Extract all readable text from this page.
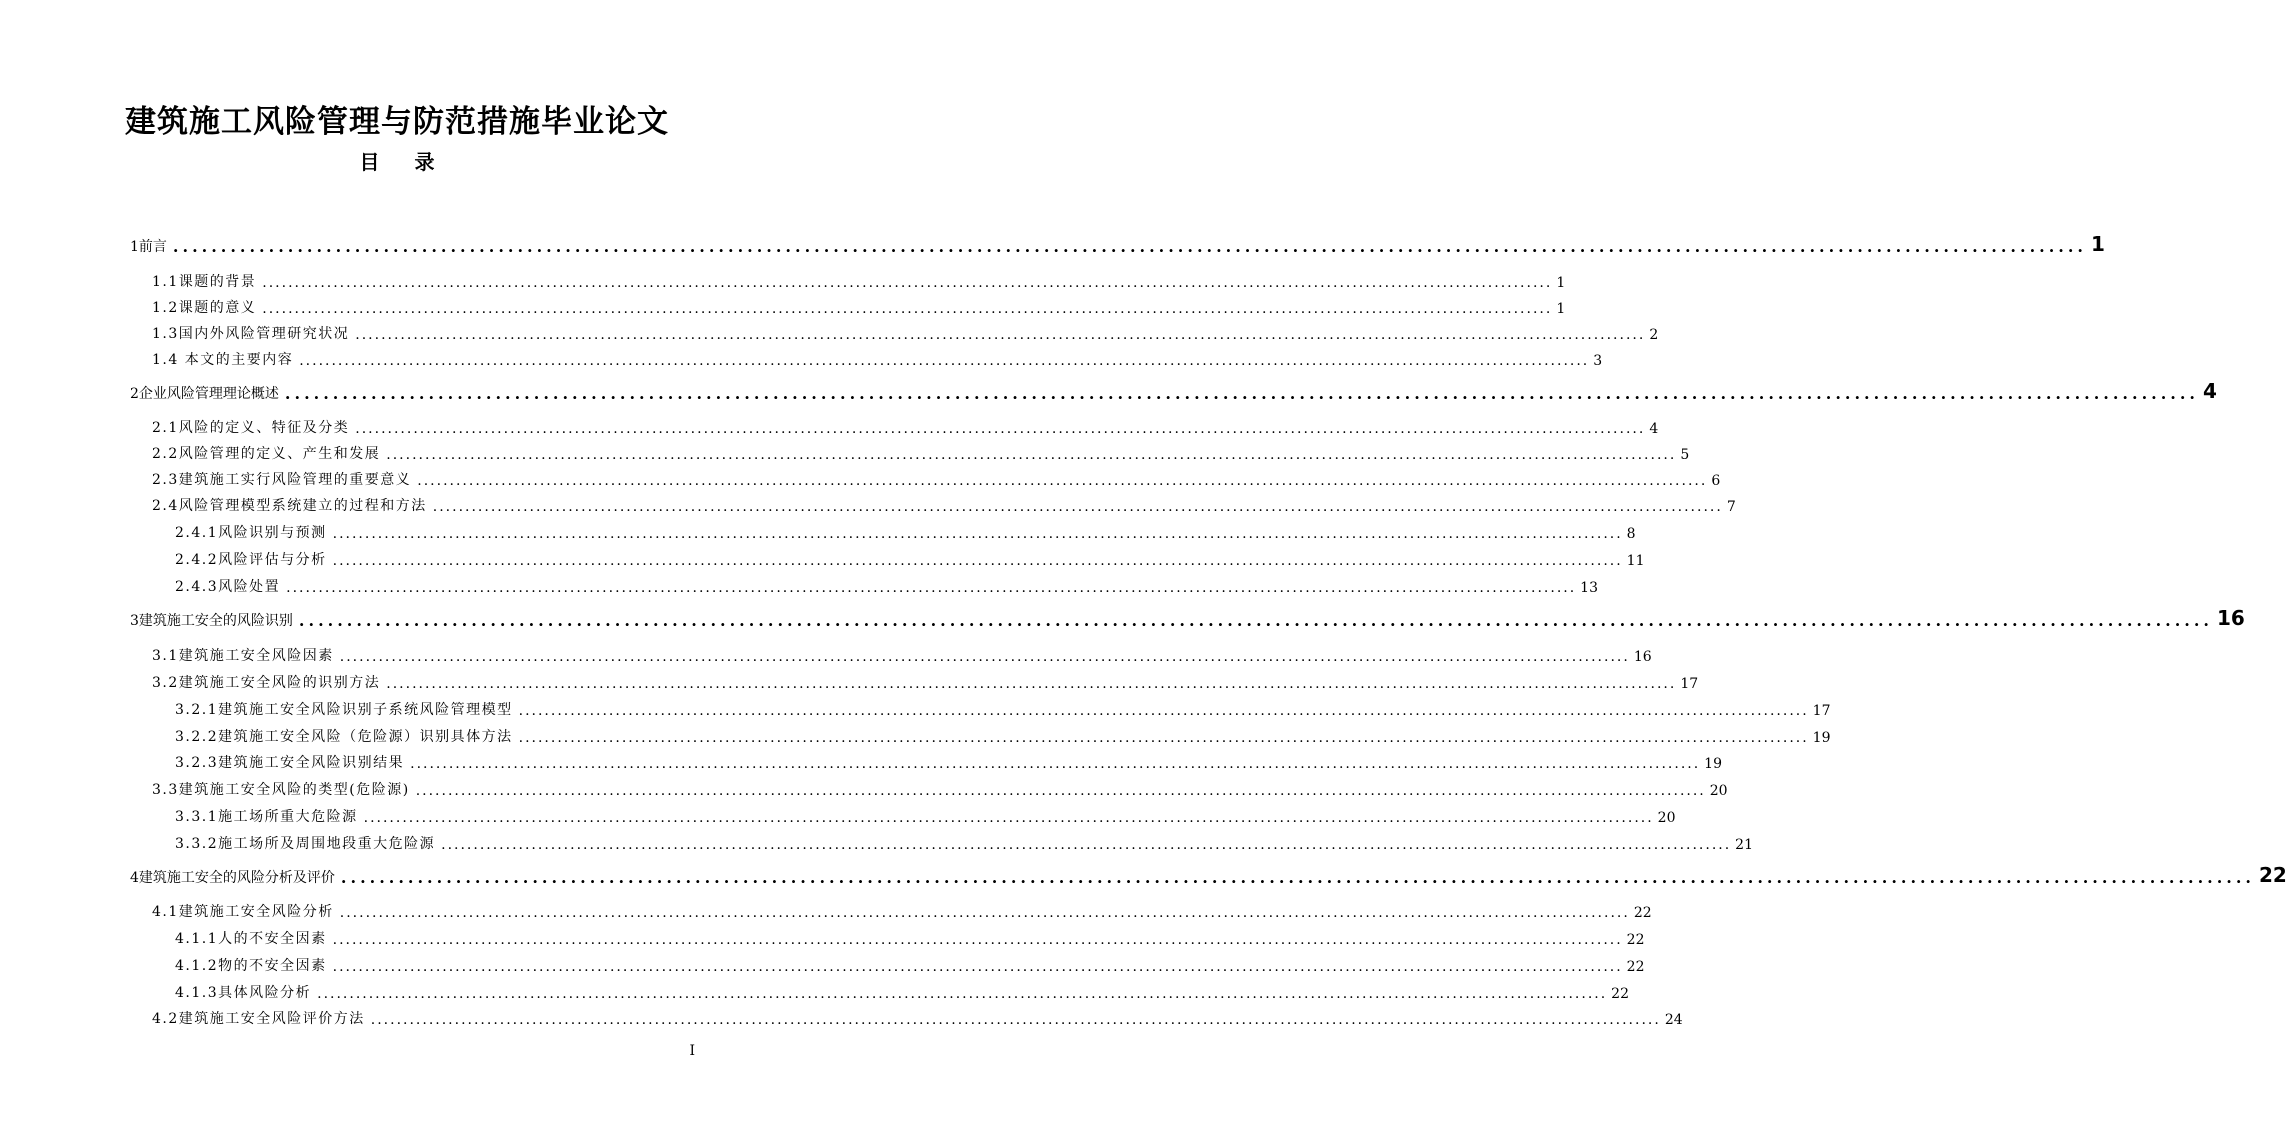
建筑施工风险管理与防范措施毕业论文
目 录
1前言 ........................................................................................................................................................................................................ 1
1.1课题的背景 ........................................................................................................................................................................................................ 1
1.2课题的意义 ........................................................................................................................................................................................................ 1
1.3国内外风险管理研究状况 ........................................................................................................................................................................................................ 2
1.4 本文的主要内容 ........................................................................................................................................................................................................ 3
2企业风险管理理论概述 ........................................................................................................................................................................................................ 4
2.1风险的定义、特征及分类 ........................................................................................................................................................................................................ 4
2.2风险管理的定义、产生和发展 ........................................................................................................................................................................................................ 5
2.3建筑施工实行风险管理的重要意义 ........................................................................................................................................................................................................ 6
2.4风险管理模型系统建立的过程和方法 ........................................................................................................................................................................................................ 7
2.4.1风险识别与预测 ........................................................................................................................................................................................................ 8
2.4.2风险评估与分析 ........................................................................................................................................................................................................ 11
2.4.3风险处置 ........................................................................................................................................................................................................ 13
3建筑施工安全的风险识别 ........................................................................................................................................................................................................ 16
3.1建筑施工安全风险因素 ........................................................................................................................................................................................................ 16
3.2建筑施工安全风险的识别方法 ........................................................................................................................................................................................................ 17
3.2.1建筑施工安全风险识别子系统风险管理模型 ........................................................................................................................................................................................................ 17
3.2.2建筑施工安全风险（危险源）识别具体方法 ........................................................................................................................................................................................................ 19
3.2.3建筑施工安全风险识别结果 ........................................................................................................................................................................................................ 19
3.3建筑施工安全风险的类型(危险源) ........................................................................................................................................................................................................ 20
3.3.1施工场所重大危险源 ........................................................................................................................................................................................................ 20
3.3.2施工场所及周围地段重大危险源 ........................................................................................................................................................................................................ 21
4建筑施工安全的风险分析及评价 ........................................................................................................................................................................................................ 22
4.1建筑施工安全风险分析 ........................................................................................................................................................................................................ 22
4.1.1人的不安全因素 ........................................................................................................................................................................................................ 22
4.1.2物的不安全因素 ........................................................................................................................................................................................................ 22
4.1.3具体风险分析 ........................................................................................................................................................................................................ 22
4.2建筑施工安全风险评价方法 ........................................................................................................................................................................................................ 24
I
